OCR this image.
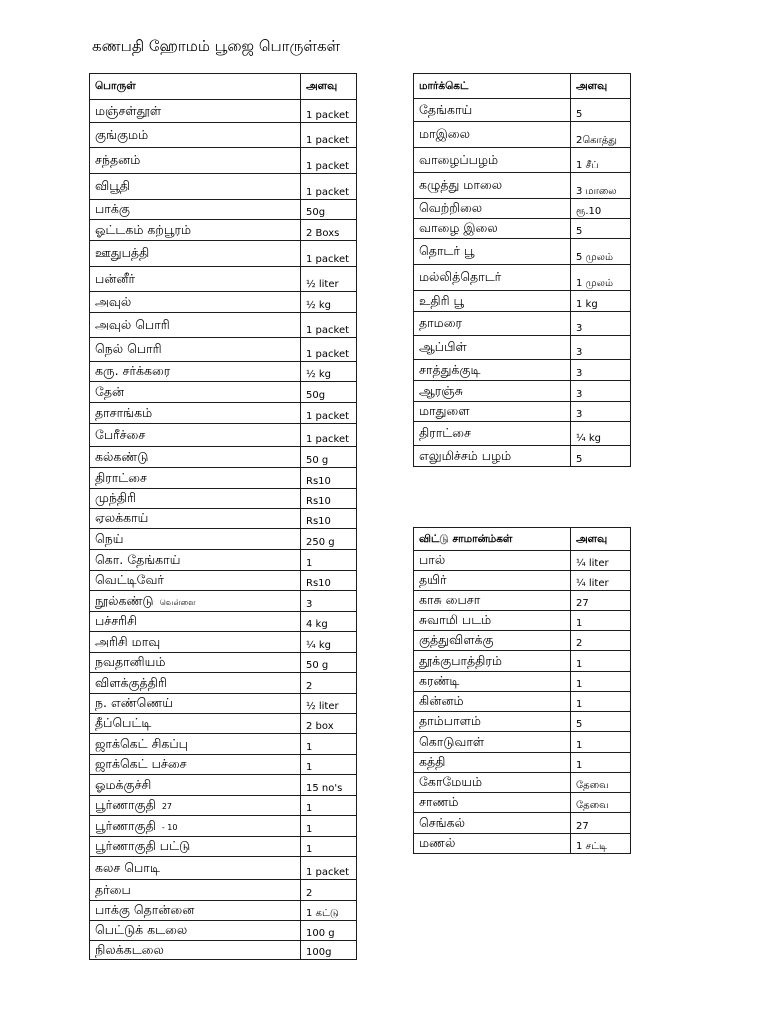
கணபதி ஹோமம் பூஜை பொருள்கள்
பொருள்	அளவு
மஞ்சள்தூள்	1 packet
குங்குமம்	1 packet
சந்தனம்	1 packet
விபூதி	1 packet
பாக்கு	50g
ஓட்டகம் கற்பூரம்	2 Boxs
ஊதுபத்தி	1 packet
பன்னீர்	½ liter
அவுல்	½ kg
அவுல் பொரி	1 packet
நெல் பொரி	1 packet
கரு. சர்க்கரை	½ kg
தேன்	50g
தாசாங்கம்	1 packet
பேரீச்சை	1 packet
கல்கண்டு	50 g
திராட்சை	Rs10
முந்திரி	Rs10
ஏலக்காய்	Rs10
நெய்	250 g
கொ. தேங்காய்	1
வெட்டிவேர்	Rs10
நூல்கண்டு வெள்ளை	3
பச்சரிசி	4 kg
அரிசி மாவு	¼ kg
நவதானியம்	50 g
விளக்குத்திரி	2
ந. எண்ணெய்	½ liter
தீப்பெட்டி	2 box
ஜாக்கெட் சிகப்பு	1
ஜாக்கெட் பச்சை	1
ஓமக்குச்சி	15 no's
பூர்ணாகுதி 27	1
பூர்ணாகுதி - 10	1
பூர்ணாகுதி பட்டு	1
கலச பொடி	1 packet
தர்பை	2
பாக்கு தொன்னை	1 கட்டு
பெட்டுக் கடலை	100 g
நிலக்கடலை	100g
மார்க்கெட்	அளவு
தேங்காய்	5
மாஇலை	2கொத்து
வாழைப்பழம்	1 சீப்
கழுத்து மாலை	3 மாலை
வெற்றிலை	ரூ.10
வாழை இலை	5
தொடர் பூ	5 முலம்
மல்லித்தொடர்	1 முலம்
உதிரி பூ	1 kg
தாமரை	3
ஆப்பிள்	3
சாத்துக்குடி	3
ஆரஞ்சு	3
மாதுளை	3
திராட்சை	¼ kg
எலுமிச்சம் பழம்	5
விட்டு சாமான்ம்கள்	அளவு
பால்	¼ liter
தயிர்	¼ liter
காசு பைசா	27
சுவாமி படம்	1
குத்துவிளக்கு	2
தூக்குபாத்திரம்	1
கரண்டி	1
கின்னம்	1
தாம்பாளம்	5
கொடுவாள்	1
கத்தி	1
கோமேயம்	தேவை
சாணம்	தேவை
செங்கல்	27
மணல்	1 சட்டி
